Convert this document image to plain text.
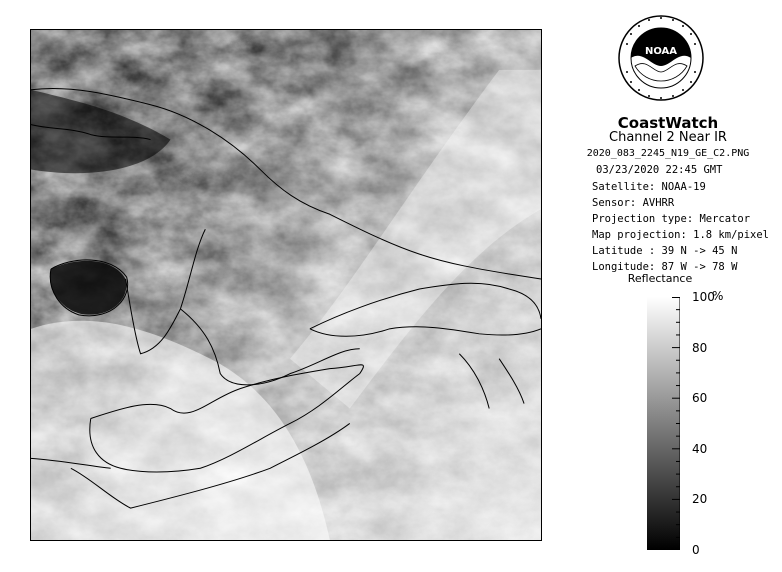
NOAA
CoastWatch
Channel 2 Near IR
2020_083_2245_N19_GE_C2.PNG
03/23/2020 22:45 GMT
Satellite: NOAA-19
Sensor: AVHRR
Projection type: Mercator
Map projection: 1.8 km/pixel
Latitude : 39 N -> 45 N
Longitude: 87 W -> 78 W
Reflectance
%
100
80
60
40
20
0
